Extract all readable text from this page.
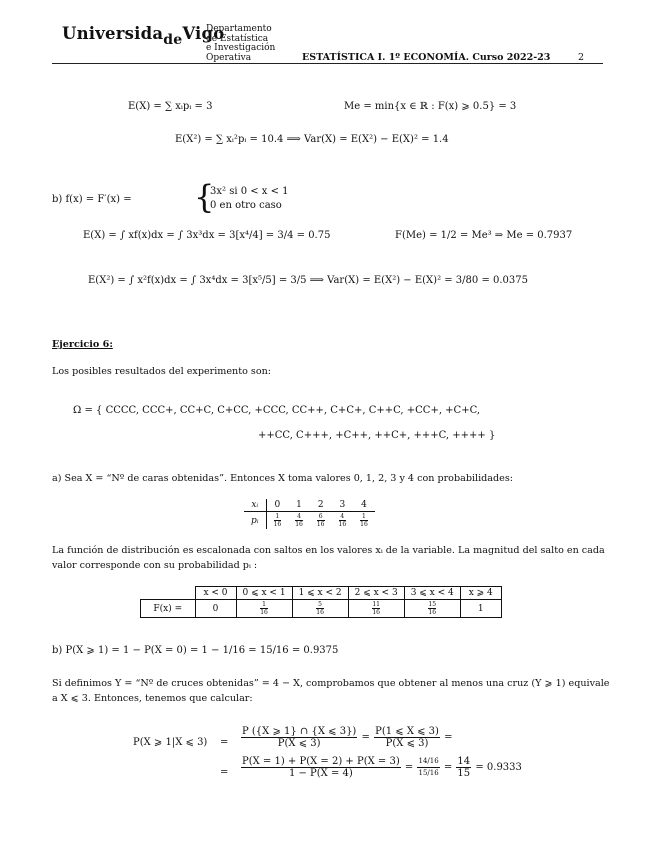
Universida$_{de}$Vigo
Departamento
de Estatística
e Investigación
Operativa	ESTATÍSTICA I. 1º ECONOMÍA. Curso 2022-23	2
E(X) = ∑ xᵢpᵢ = 3	Me = min{x ∈ ℝ : F(x) ⩾ 0.5} = 3
E(X²) = ∑ xᵢ²pᵢ = 10.4 ⟹ Var(X) = E(X²) − E(X)² = 1.4
b) f(x) = F′(x) = {
3x² si 0 < x < 1
0 en otro caso
E(X) = ∫ xf(x)dx = ∫ 3x³dx = 3[x⁴/4] = 3/4 = 0.75	F(Me) = 1/2 = Me³ ⇒ Me = 0.7937
E(X²) = ∫ x²f(x)dx = ∫ 3x⁴dx = 3[x⁵/5] = 3/5 ⟹ Var(X) = E(X²) − E(X)² = 3/80 = 0.0375
Ejercicio 6:
Los posibles resultados del experimento son:
Ω = { CCCC, CCC+, CC+C, C+CC, +CCC, CC++, C+C+, C++C, +CC+, +C+C,
++CC, C+++, +C++, ++C+, +++C, ++++ }
a) Sea X = “Nº de caras obtenidas”. Entonces X toma valores 0, 1, 2, 3 y 4 con probabilidades:
xᵢ	0	1	2	3	4
pᵢ	$\frac{1}{16}$	$\frac{4}{16}$	$\frac{6}{16}$	$\frac{4}{16}$	$\frac{1}{16}$
La función de distribución es escalonada con saltos en los valores xᵢ de la variable. La magnitud del salto en cada
valor corresponde con su probabilidad pᵢ :
	x < 0	0 ⩽ x < 1	1 ⩽ x < 2	2 ⩽ x < 3	3 ⩽ x < 4	x ⩾ 4
F(x) =	0	$\frac{1}{16}$	$\frac{5}{16}$	$\frac{11}{16}$	$\frac{15}{16}$	1
b) P(X ⩾ 1) = 1 − P(X = 0) = 1 − 1/16 = 15/16 = 0.9375
Si definimos Y = “Nº de cruces obtenidas” = 4 − X, comprobamos que obtener al menos una cruz (Y ⩾ 1) equivale
a X ⩽ 3. Entonces, tenemos que calcular:
P(X ⩾ 1|X ⩽ $3) = \frac{P (\{X ⩾ 1\} \cap \{X ⩽ 3\})}{P(X ⩽ 3)} = \frac{P(1 ⩽ X ⩽ 3)}{P(X ⩽ 3)}$ =
= $\frac{P(X = 1) + P(X = 2) + P(X = 3)}{1 - P(X = 4)} = \frac{14/16}{15/16} = \frac{14}{15} = 0.9333$
